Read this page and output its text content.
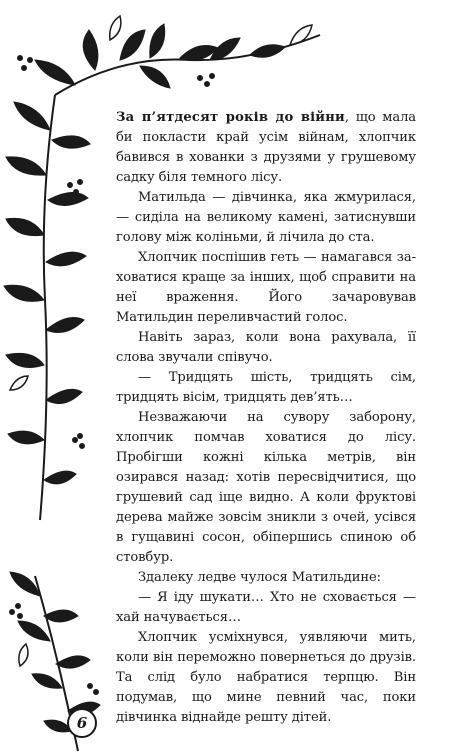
За п’ятдесят років до війни, що мала би покласти край усім війнам, хлопчик бавився в хованки з друзями у грушевому садку біля темного лісу.

Матильда — дівчинка, яка жмурилася, — сиділа на великому камені, затиснувши голову між коліньми, й лічила до ста.

Хлопчик поспішив геть — намагався заховатися краще за інших, щоб справити на неї враження. Його зачаровував Матильдин переливчастий голос.

Навіть зараз, коли вона рахувала, її слова звучали співучо.

— Тридцять шість, тридцять сім, тридцять вісім, тридцять дев’ять…

Незважаючи на сувору заборону, хлопчик помчав ховатися до лісу. Пробігши кожні кілька метрів, він озирався назад: хотів пересвідчитися, що грушевий сад іще видно. А коли фруктові дерева майже зовсім зникли з очей, усівся в гущавині сосон, обіпершись спиною об стовбур.

Здалеку ледве чулося Матильдине:

— Я іду шукати… Хто не сховається — хай начувається…

Хлопчик усміхнувся, уявляючи мить, коли він переможно повернеться до друзів. Та слід було набратися терпцю. Він подумав, що мине певний час, поки дівчинка віднайде решту дітей.

6
